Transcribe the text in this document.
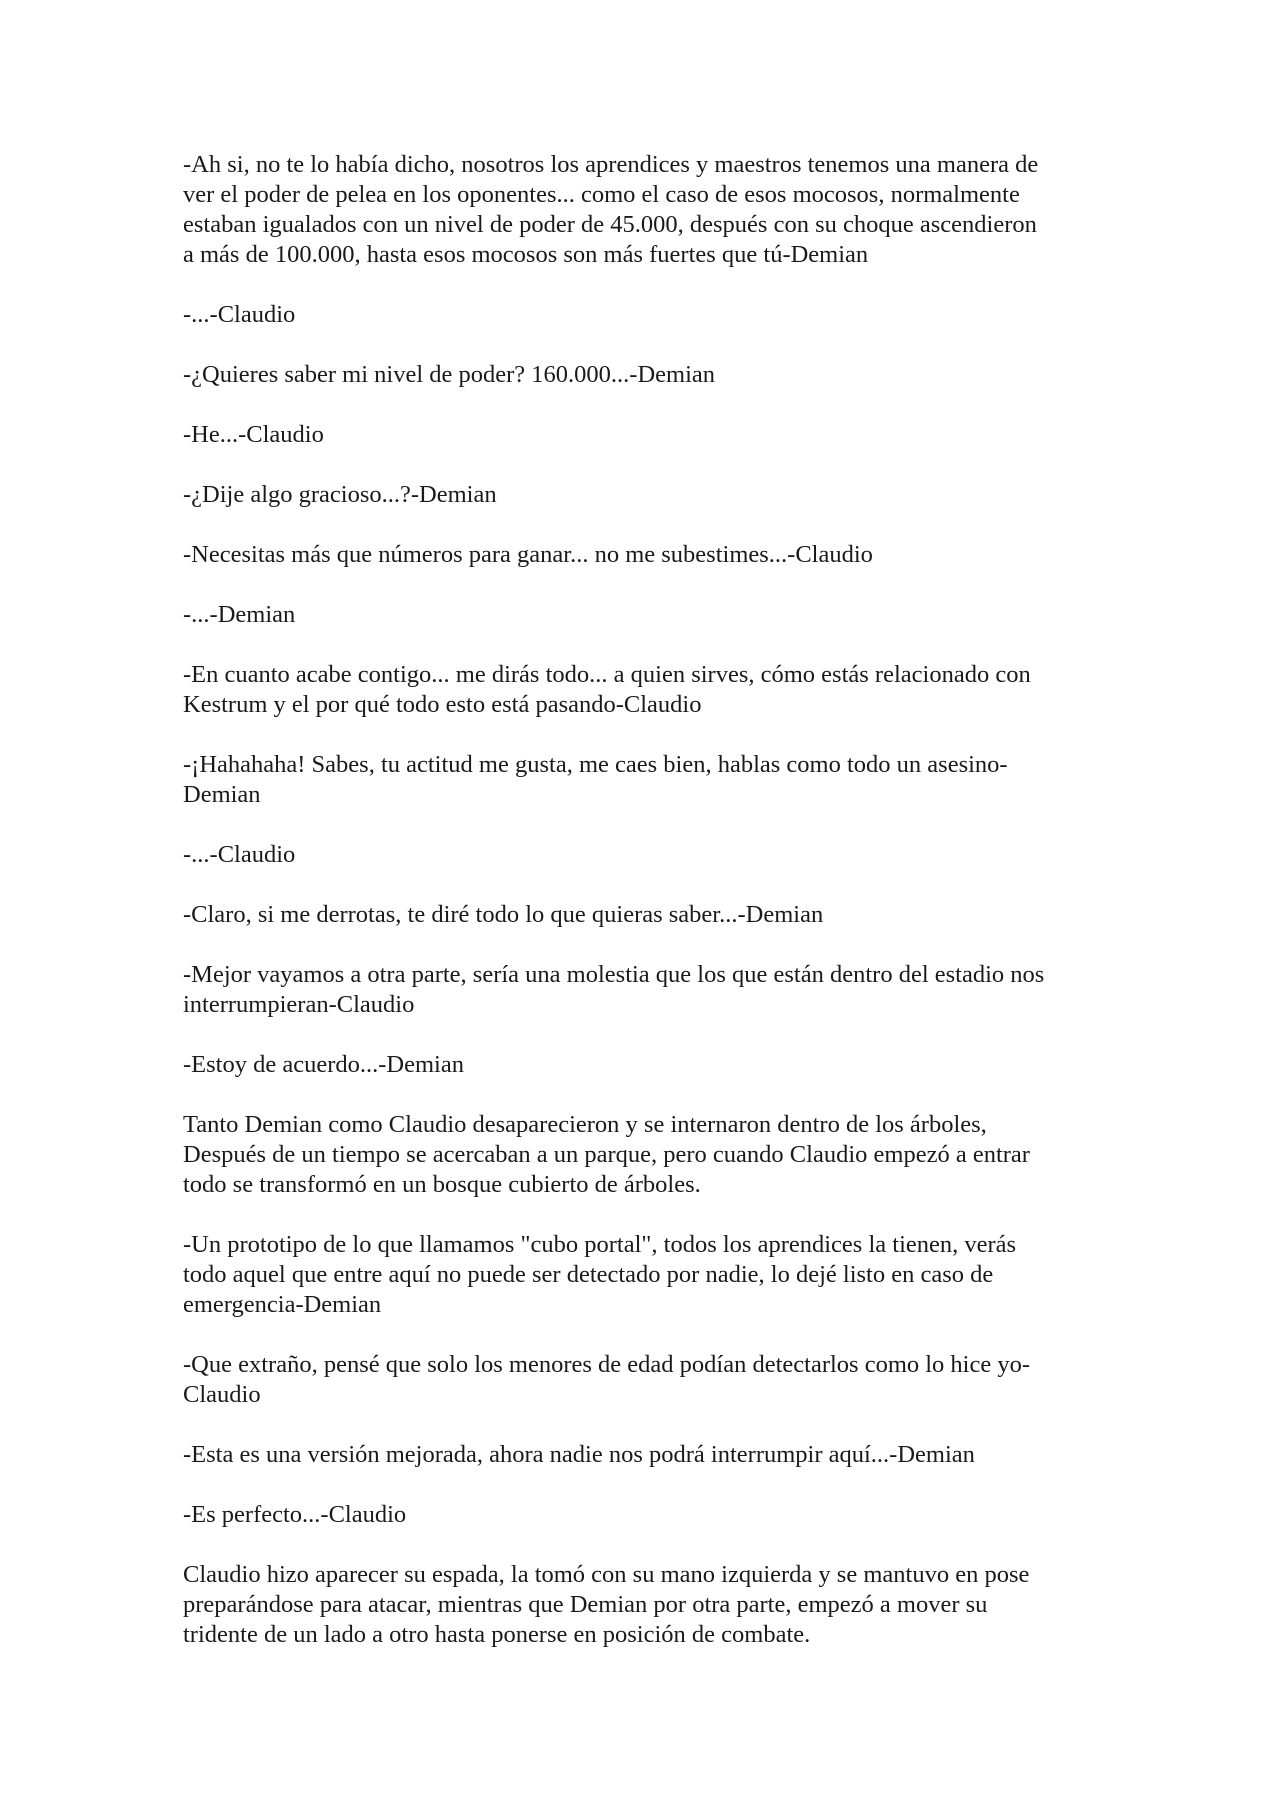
-Ah si, no te lo había dicho, nosotros los aprendices y maestros tenemos una manera de
ver el poder de pelea en los oponentes... como el caso de esos mocosos, normalmente
estaban igualados con un nivel de poder de 45.000, después con su choque ascendieron
a más de 100.000, hasta esos mocosos son más fuertes que tú-Demian

-...-Claudio

-¿Quieres saber mi nivel de poder? 160.000...-Demian

-He...-Claudio

-¿Dije algo gracioso...?-Demian

-Necesitas más que números para ganar... no me subestimes...-Claudio

-...-Demian

-En cuanto acabe contigo... me dirás todo... a quien sirves, cómo estás relacionado con
Kestrum y el por qué todo esto está pasando-Claudio

-¡Hahahaha! Sabes, tu actitud me gusta, me caes bien, hablas como todo un asesino-
Demian

-...-Claudio

-Claro, si me derrotas, te diré todo lo que quieras saber...-Demian

-Mejor vayamos a otra parte, sería una molestia que los que están dentro del estadio nos
interrumpieran-Claudio

-Estoy de acuerdo...-Demian

Tanto Demian como Claudio desaparecieron y se internaron dentro de los árboles,
Después de un tiempo se acercaban a un parque, pero cuando Claudio empezó a entrar
todo se transformó en un bosque cubierto de árboles.

-Un prototipo de lo que llamamos "cubo portal", todos los aprendices la tienen, verás
todo aquel que entre aquí no puede ser detectado por nadie, lo dejé listo en caso de
emergencia-Demian

-Que extraño, pensé que solo los menores de edad podían detectarlos como lo hice yo-
Claudio

-Esta es una versión mejorada, ahora nadie nos podrá interrumpir aquí...-Demian

-Es perfecto...-Claudio

Claudio hizo aparecer su espada, la tomó con su mano izquierda y se mantuvo en pose
preparándose para atacar, mientras que Demian por otra parte, empezó a mover su
tridente de un lado a otro hasta ponerse en posición de combate.
